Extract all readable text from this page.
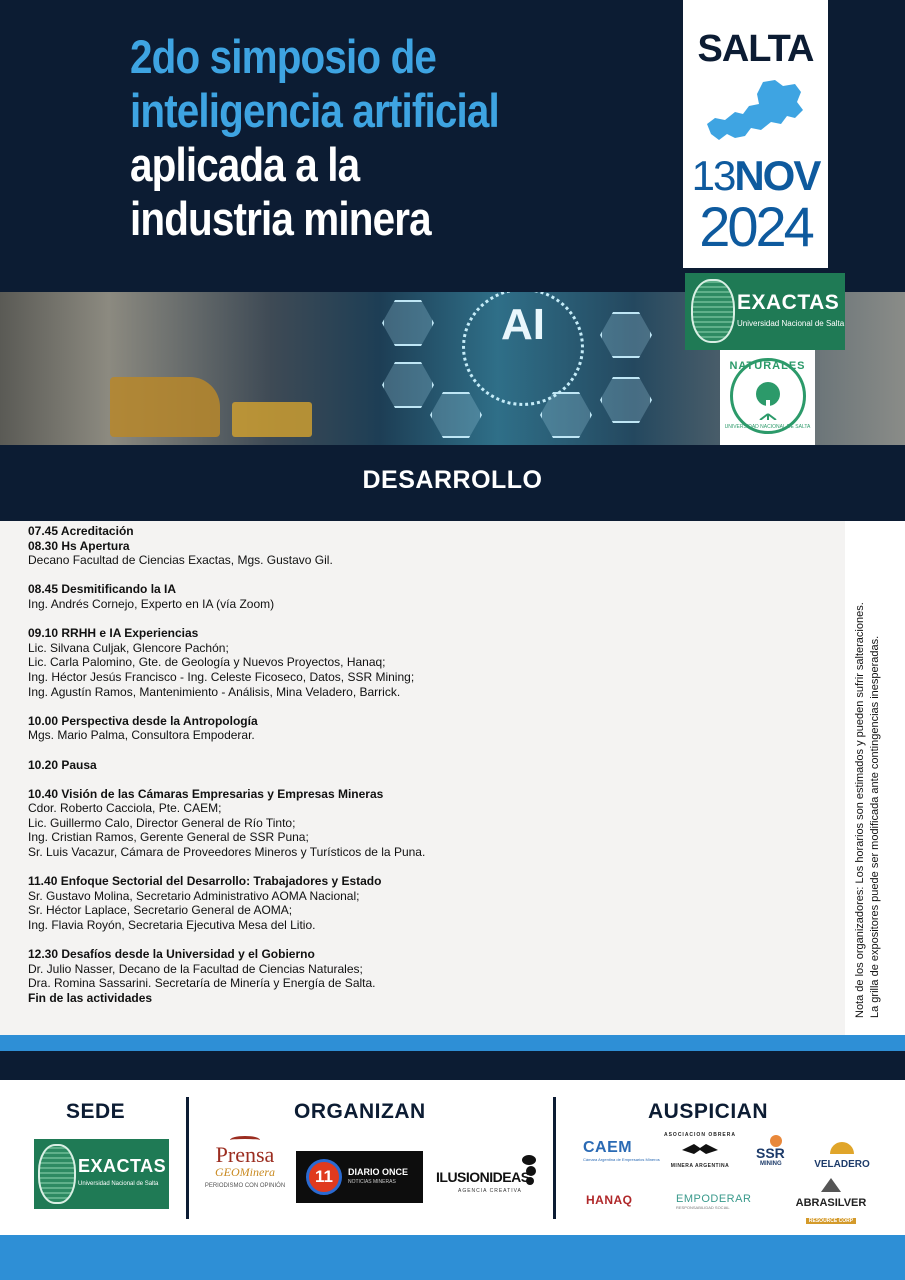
2do simposio de
inteligencia artificial
aplicada a la
industria minera
SALTA
13NOV
2024
AI	EXACTAS
Universidad Nacional de Salta
NATURALES
UNIVERSIDAD NACIONAL DE SALTA
DESARROLLO
07.45 Acreditación
08.30 Hs Apertura
Decano Facultad de Ciencias Exactas, Mgs. Gustavo Gil.
08.45 Desmitificando la IA
Ing. Andrés Cornejo, Experto en IA (vía Zoom)
09.10 RRHH e IA Experiencias
Lic. Silvana Culjak, Glencore Pachón;
Lic. Carla Palomino, Gte. de Geología y Nuevos Proyectos, Hanaq;
Ing. Héctor Jesús Francisco - Ing. Celeste Ficoseco, Datos, SSR Mining;
Ing. Agustín Ramos, Mantenimiento - Análisis, Mina Veladero, Barrick.
10.00 Perspectiva desde la Antropología
Mgs. Mario Palma, Consultora Empoderar.
10.20 Pausa
10.40 Visión de las Cámaras Empresarias y Empresas Mineras
Cdor. Roberto Cacciola, Pte. CAEM;
Lic. Guillermo Calo, Director General de Río Tinto;
Ing. Cristian Ramos, Gerente General de SSR Puna;
Sr. Luis Vacazur, Cámara de Proveedores Mineros y Turísticos de la Puna.
11.40 Enfoque Sectorial del Desarrollo: Trabajadores y Estado
Sr. Gustavo Molina, Secretario Administrativo AOMA Nacional;
Sr. Héctor Laplace, Secretario General de AOMA;
Ing. Flavia Royón, Secretaria Ejecutiva Mesa del Litio.
12.30 Desafíos desde la Universidad y el Gobierno
Dr. Julio Nasser, Decano de la Facultad de Ciencias Naturales;
Dra. Romina Sassarini. Secretaría de Minería y Energía de Salta.
Fin de las actividades	Nota de los organizadores: Los horarios son estimados y pueden sufrir salteraciones. La grilla de expositores puede ser modificada ante contingencias inesperadas.
SEDE	ORGANIZAN	AUSPICIAN
EXACTAS
Universidad Nacional de Salta
Prensa
GEOMinera
PERIODISMO CON OPINIÓN	11	DIARIO ONCE
NOTICIAS MINERAS	ILUSIONIDEAS
AGENCIA CREATIVA
CAEM
Cámara Argentina de Empresarios Mineros
ASOCIACION OBRERA
MINERA ARGENTINA
SSR
MINING	VELADERO
HANAQ	EMPODERAR
RESPONSABILIDAD SOCIAL	ABRASILVER
RESOURCE CORP
